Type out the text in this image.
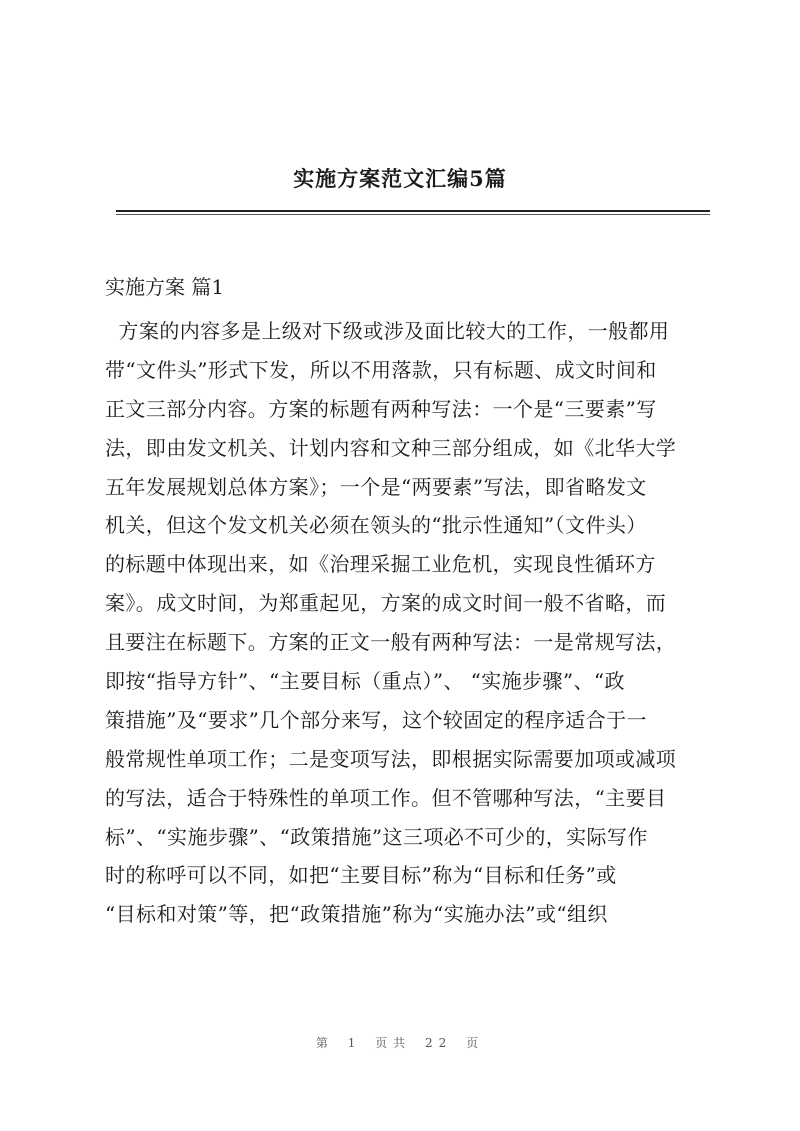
实施方案范文汇编5篇
实施方案 篇1
方案的内容多是上级对下级或涉及面比较大的工作，一般都用
带“文件头”形式下发，所以不用落款，只有标题、成文时间和
正文三部分内容。方案的标题有两种写法：一个是“三要素”写
法，即由发文机关、计划内容和文种三部分组成，如《北华大学
五年发展规划总体方案》；一个是“两要素”写法，即省略发文
机关，但这个发文机关必须在领头的“批示性通知”（文件头）
的标题中体现出来，如《治理采掘工业危机，实现良性循环方
案》。成文时间，为郑重起见，方案的成文时间一般不省略，而
且要注在标题下。方案的正文一般有两种写法：一是常规写法，
即按“指导方针”、“主要目标（重点）”、 “实施步骤”、“政
策措施”及“要求”几个部分来写，这个较固定的程序适合于一
般常规性单项工作；二是变项写法，即根据实际需要加项或减项
的写法，适合于特殊性的单项工作。但不管哪种写法，“主要目
标”、“实施步骤”、“政策措施”这三项必不可少的，实际写作
时的称呼可以不同，如把“主要目标”称为“目标和任务”或
“目标和对策”等，把“政策措施”称为“实施办法”或“组织
第 1 页共 22 页
